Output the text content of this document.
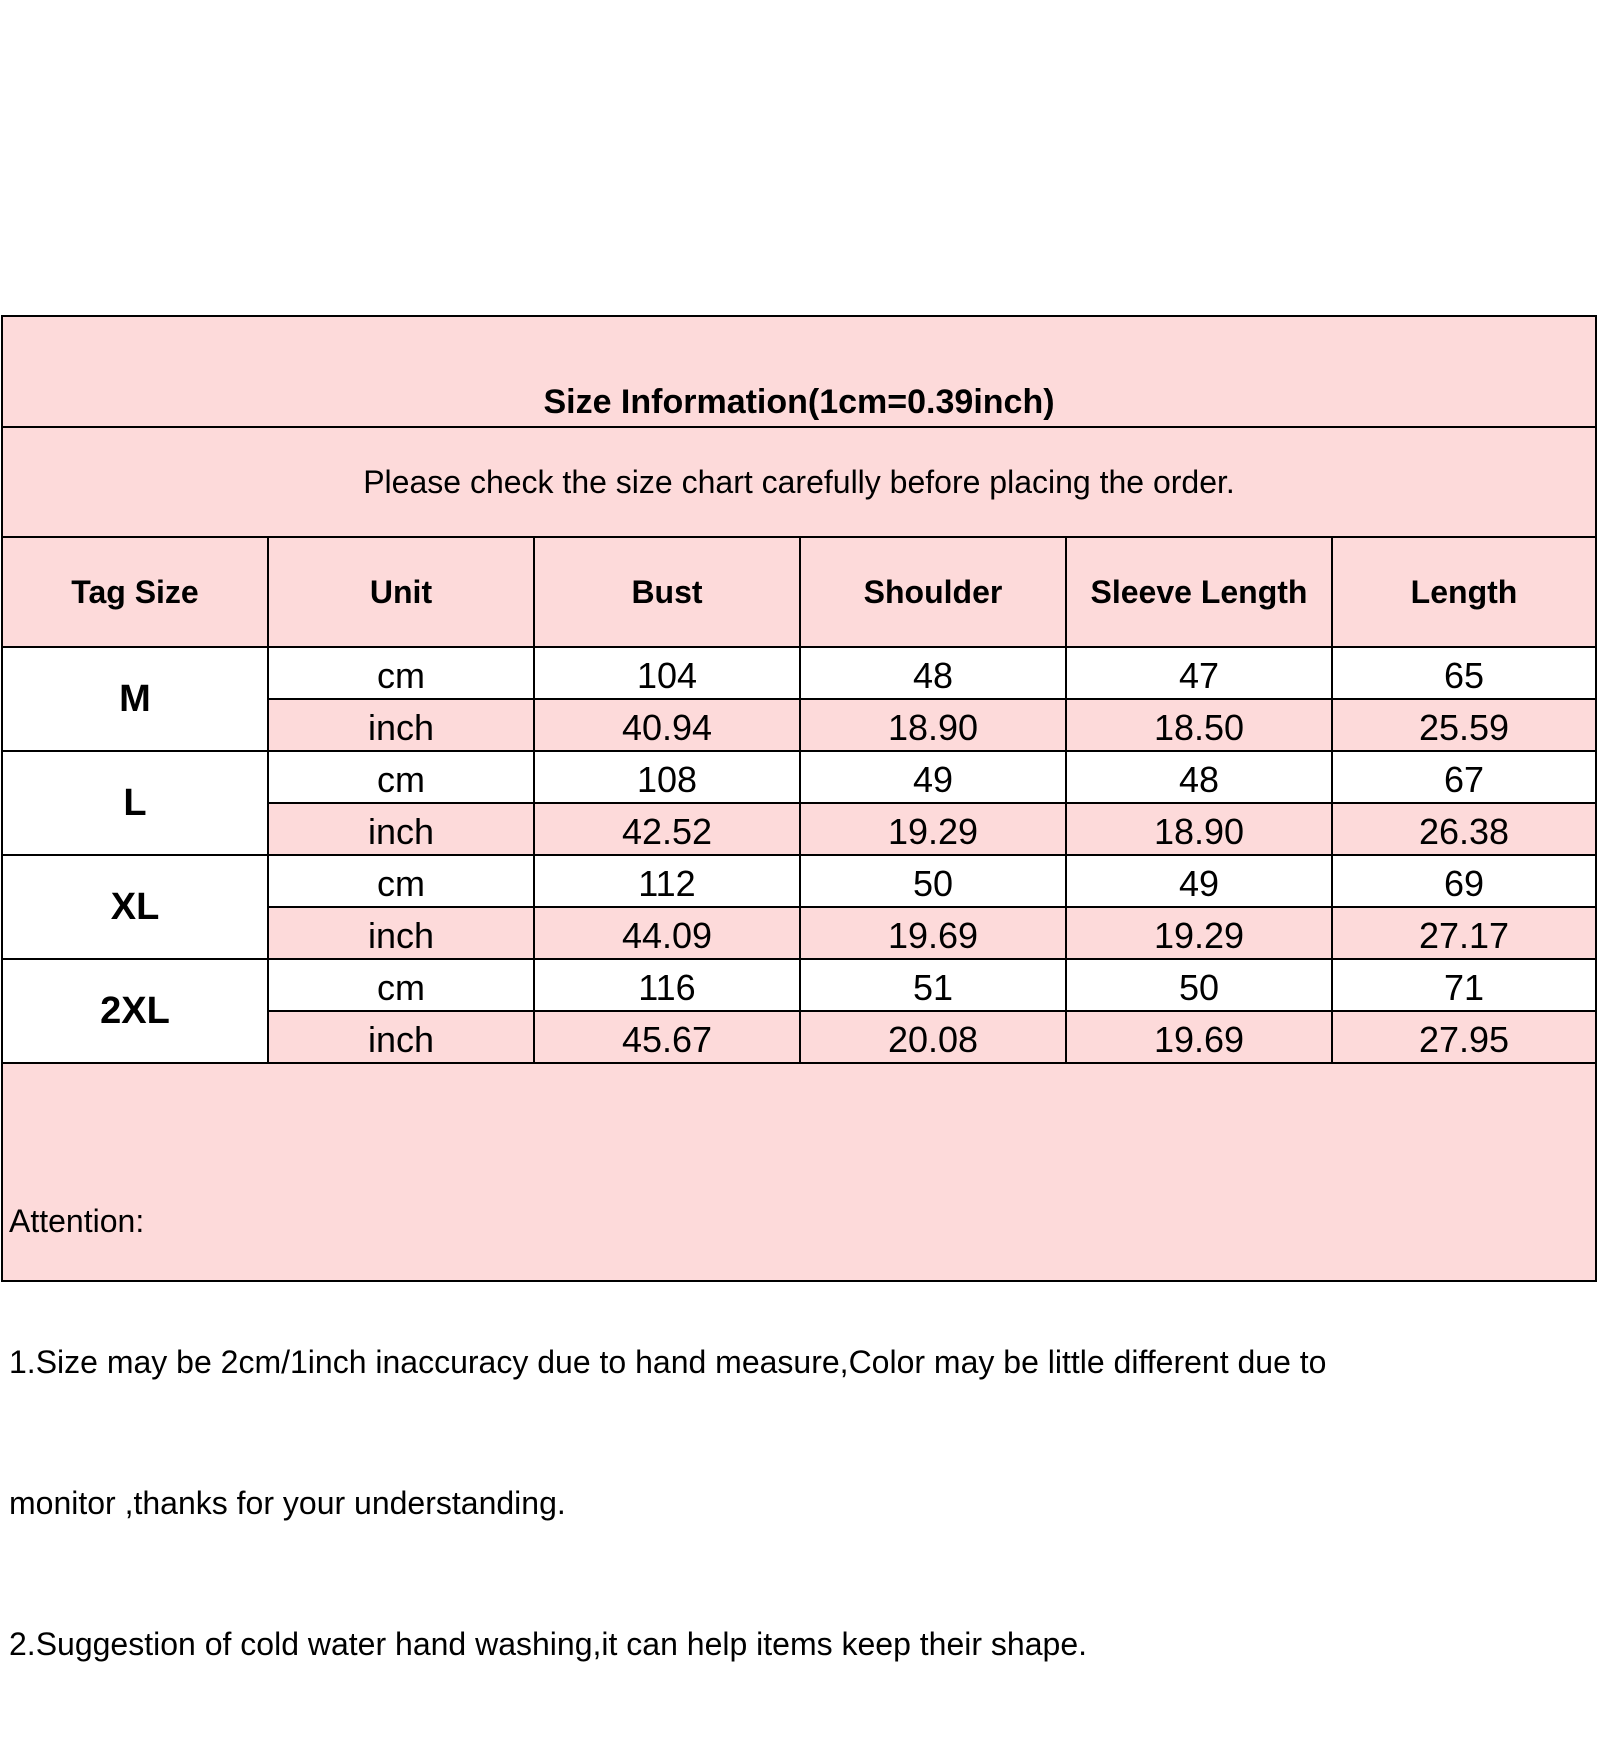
Size Information(1cm=0.39inch)
Please check the size chart carefully before placing the order.
Tag Size	Unit	Bust	Shoulder	Sleeve Length	Length
M
cm	104	48	47	65
inch	40.94	18.90	18.50	25.59
L
cm	108	49	48	67
inch	42.52	19.29	18.90	26.38
XL
cm	112	50	49	69
inch	44.09	19.69	19.29	27.17
2XL
cm	116	51	50	71
inch	45.67	20.08	19.69	27.95

Attention:

1.Size may be 2cm/1inch inaccuracy due to hand measure,Color may be little different due to

monitor ,thanks for your understanding.

2.Suggestion of cold water hand washing,it can help items keep their shape.
